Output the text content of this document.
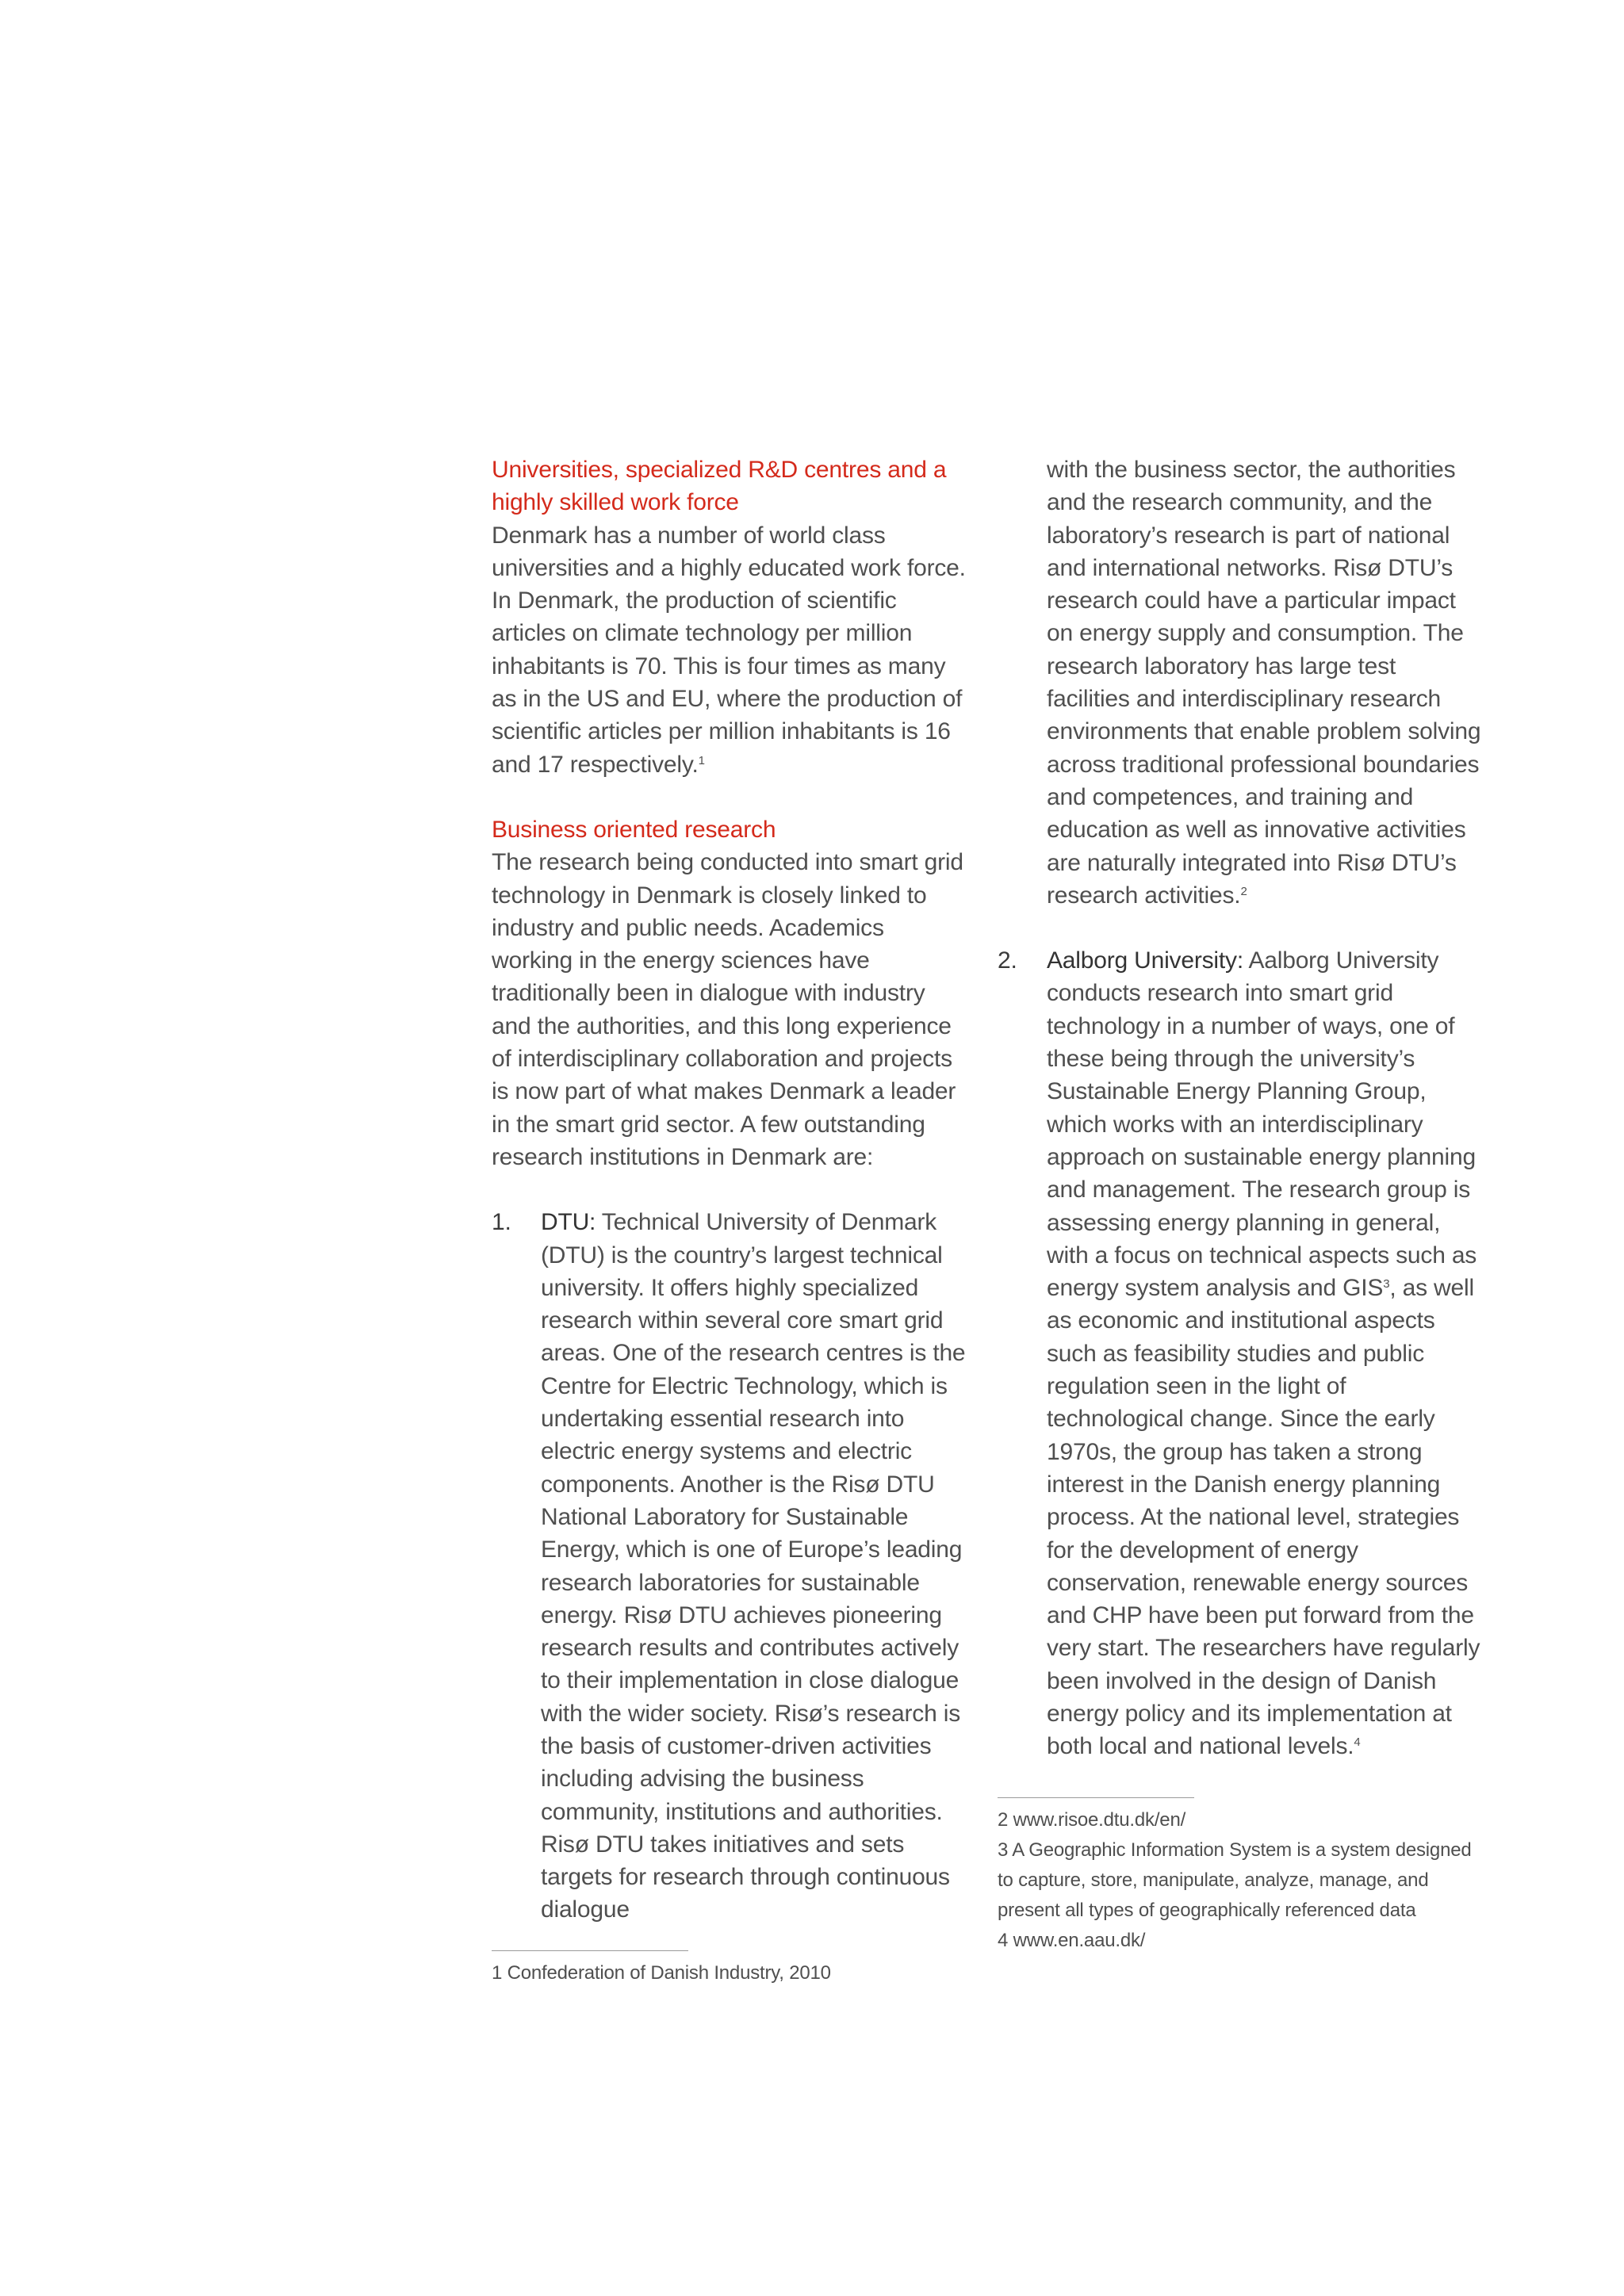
Universities, specialized R&D centres and a highly skilled work force

Denmark has a number of world class universities and a highly educated work force. In Denmark, the production of scientific articles on climate technology per million inhabitants is 70. This is four times as many as in the US and EU, where the production of scientific articles per million inhabitants is 16 and 17 respectively.$^1$

Business oriented research

The research being conducted into smart grid technology in Denmark is closely linked to industry and public needs. Academics working in the energy sciences have traditionally been in dialogue with industry and the authorities, and this long experience of interdisciplinary collaboration and projects is now part of what makes Denmark a leader in the smart grid sector. A few outstanding research institutions in Denmark are:

1. DTU: Technical University of Denmark (DTU) is the country’s largest technical university. It offers highly specialized research within several core smart grid areas. One of the research centres is the Centre for Electric Technology, which is undertaking essential research into electric energy systems and electric components. Another is the Risø DTU National Laboratory for Sustainable Energy, which is one of Europe’s leading research laboratories for sustainable energy. Risø DTU achieves pioneering research results and contributes actively to their implementation in close dialogue with the wider society. Risø’s research is the basis of customer-driven activities including advising the business community, institutions and authorities. Risø DTU takes initiatives and sets targets for research through continuous dialogue
with the business sector, the authorities and the research community, and the laboratory’s research is part of national and international networks. Risø DTU’s research could have a particular impact on energy supply and consumption. The research laboratory has large test facilities and interdisciplinary research environments that enable problem solving across traditional professional boundaries and competences, and training and education as well as innovative activities are naturally integrated into Risø DTU’s research activities.$^2$
2. Aalborg University: Aalborg University conducts research into smart grid technology in a number of ways, one of these being through the university’s Sustainable Energy Planning Group, which works with an interdisciplinary approach on sustainable energy planning and management. The research group is assessing energy planning in general, with a focus on technical aspects such as energy system analysis and GIS$^3$, as well as economic and institutional aspects such as feasibility studies and public regulation seen in the light of technological change. Since the early 1970s, the group has taken a strong interest in the Danish energy planning process. At the national level, strategies for the development of energy conservation, renewable energy sources and CHP have been put forward from the very start. The researchers have regularly been involved in the design of Danish energy policy and its implementation at both local and national levels.$^4$

1 Confederation of Danish Industry, 2010

2 www.risoe.dtu.dk/en/

3 A Geographic Information System is a system designed to capture, store, manipulate, analyze, manage, and present all types of geographically referenced data

4 www.en.aau.dk/
